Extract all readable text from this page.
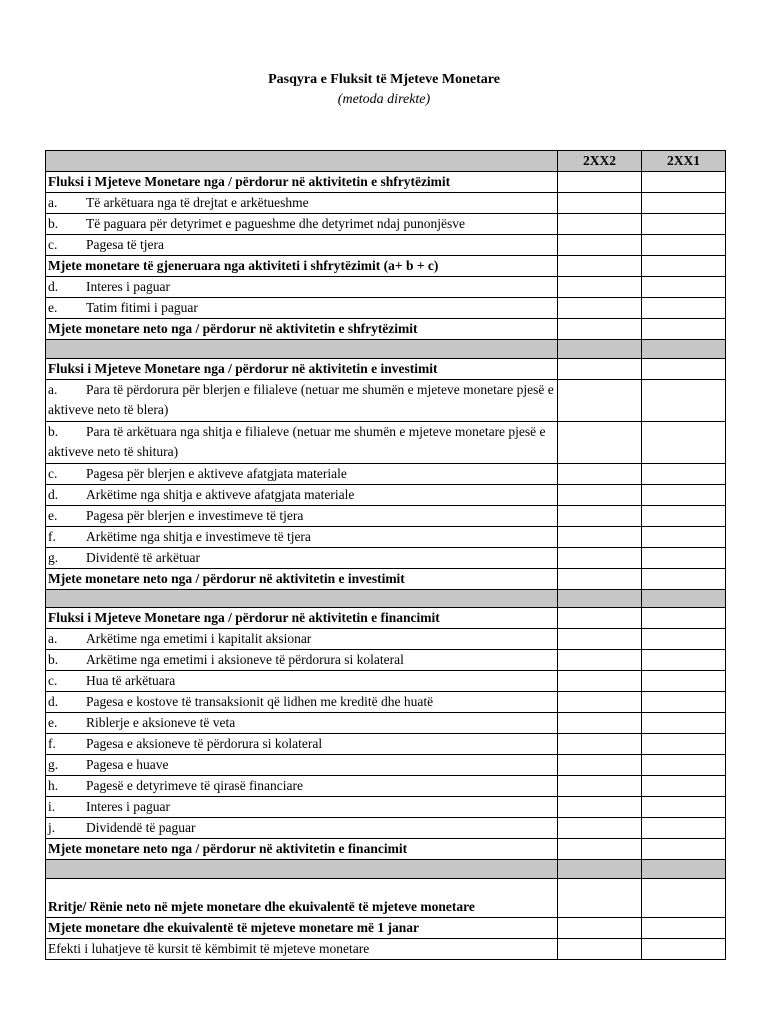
Pasqyra e Fluksit të Mjeteve Monetare
(metoda direkte)
	2XX2	2XX1
Fluksi i Mjeteve Monetare nga / përdorur në aktivitetin e shfrytëzimit		
a. Të arkëtuara nga të drejtat e arkëtueshme		
b. Të paguara për detyrimet e pagueshme dhe detyrimet ndaj punonjësve		
c. Pagesa të tjera		
Mjete monetare të gjeneruara nga aktiviteti i shfrytëzimit (a+ b + c)		
d. Interes i paguar		
e. Tatim fitimi i paguar		
Mjete monetare neto nga / përdorur në aktivitetin e shfrytëzimit		

Fluksi i Mjeteve Monetare nga / përdorur në aktivitetin e investimit		
a. Para të përdorura për blerjen e filialeve (netuar me shumën e mjeteve monetare pjesë e aktiveve neto të blera)		
b. Para të arkëtuara nga shitja e filialeve (netuar me shumën e mjeteve monetare pjesë e aktiveve neto të shitura)		
c. Pagesa për blerjen e aktiveve afatgjata materiale		
d. Arkëtime nga shitja e aktiveve afatgjata materiale		
e. Pagesa për blerjen e investimeve të tjera		
f. Arkëtime nga shitja e investimeve të tjera		
g. Dividentë të arkëtuar		
Mjete monetare neto nga / përdorur në aktivitetin e investimit		

Fluksi i Mjeteve Monetare nga / përdorur në aktivitetin e financimit		
a. Arkëtime nga emetimi i kapitalit aksionar		
b. Arkëtime nga emetimi i aksioneve të përdorura si kolateral		
c. Hua të arkëtuara		
d. Pagesa e kostove të transaksionit që lidhen me kreditë dhe huatë		
e. Riblerje e aksioneve të veta		
f. Pagesa e aksioneve të përdorura si kolateral		
g. Pagesa e huave		
h. Pagesë e detyrimeve të qirasë financiare		
i. Interes i paguar		
j. Dividendë të paguar		
Mjete monetare neto nga / përdorur në aktivitetin e financimit		

Rritje/ Rënie neto në mjete monetare dhe ekuivalentë të mjeteve monetare		
Mjete monetare dhe ekuivalentë të mjeteve monetare më 1 janar		
Efekti i luhatjeve të kursit të këmbimit të mjeteve monetare		
